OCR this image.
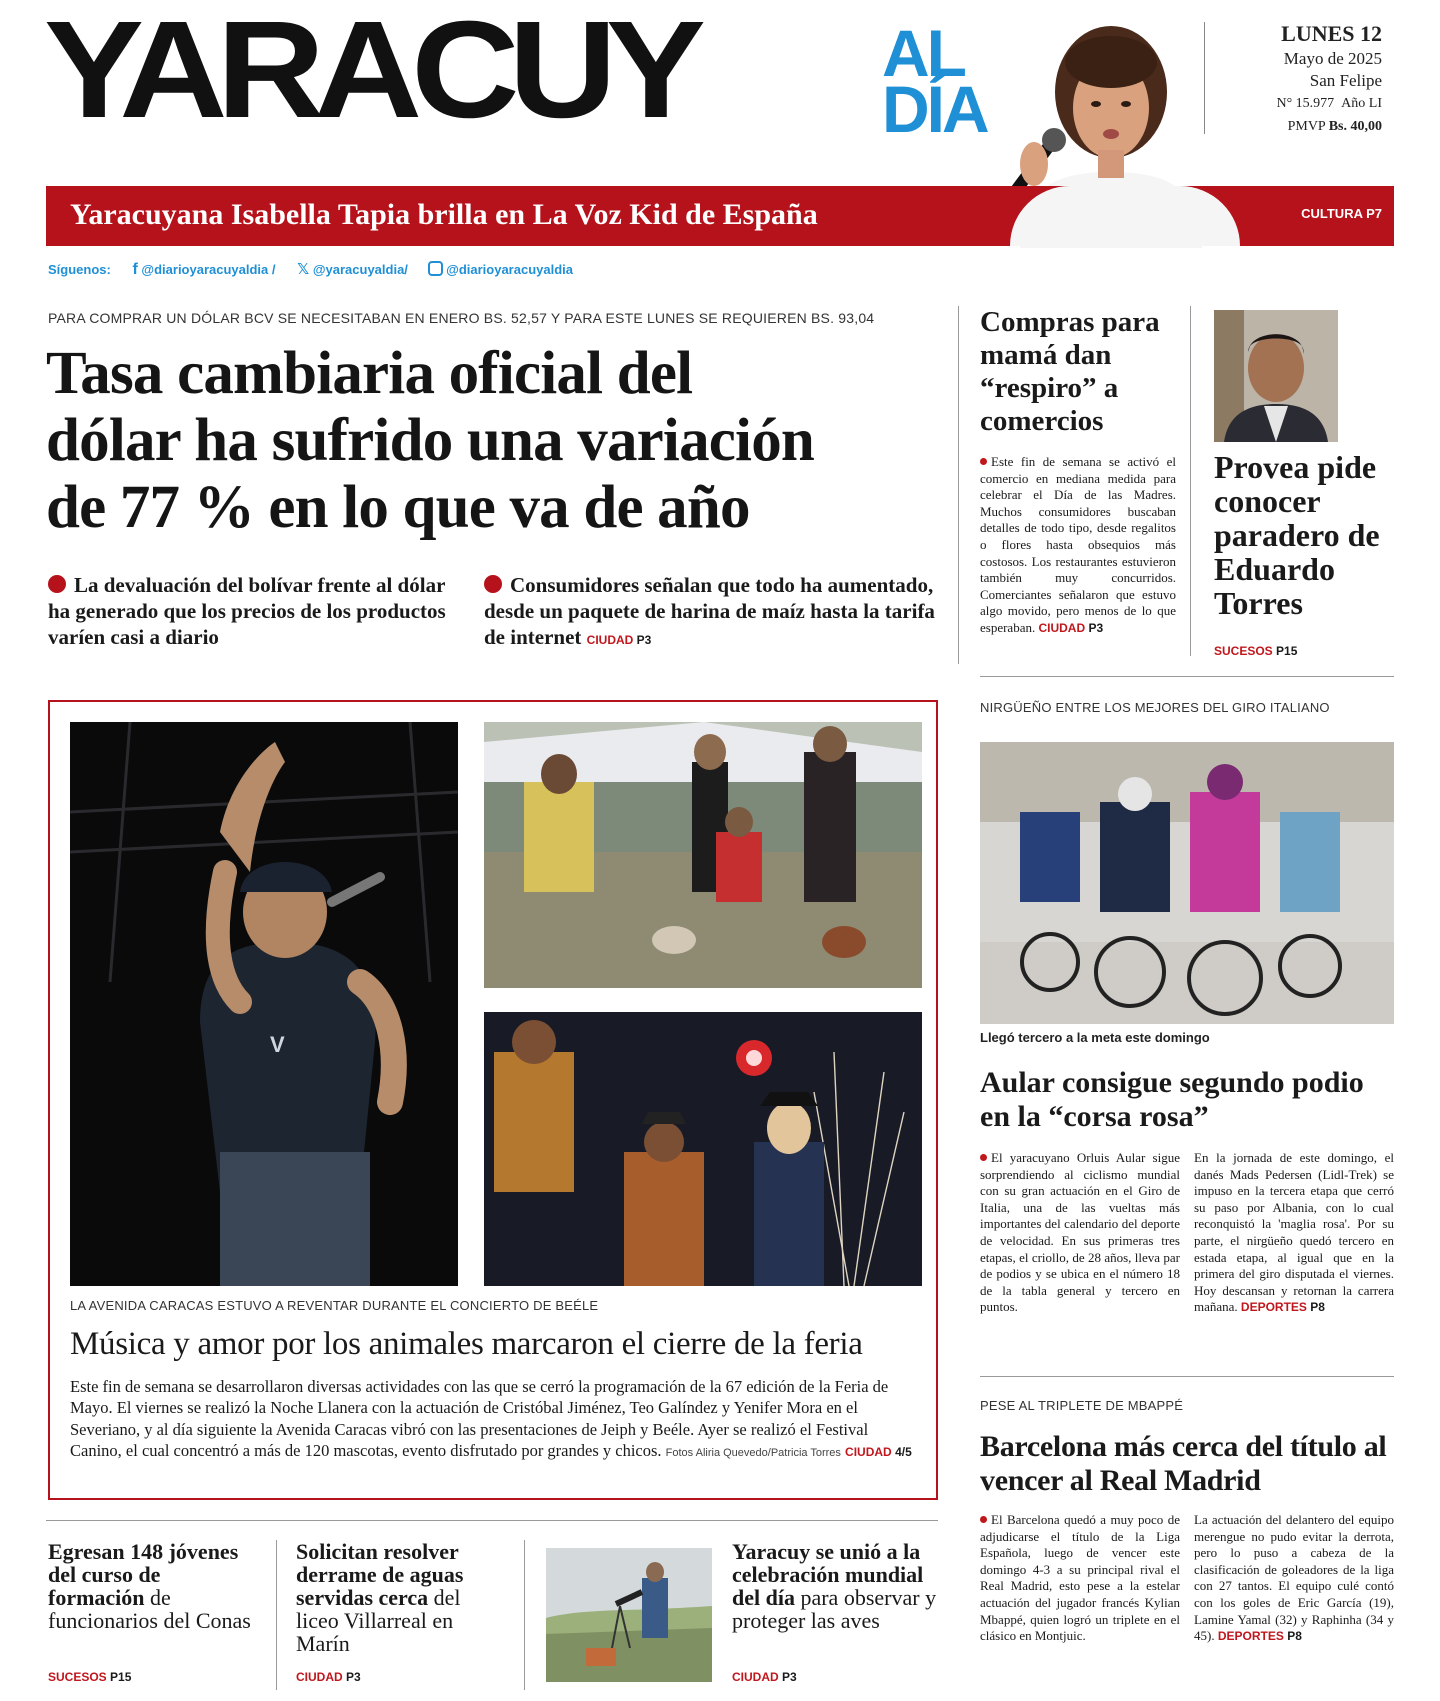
YARACUY	AL
DÍA
LUNES 12
Mayo de 2025
San Felipe
N° 15.977 Año LI
PMVP Bs. 40,00
Yaracuyana Isabella Tapia brilla en La Voz Kid de España	CULTURA P7
Síguenos: f @diarioyaracuyaldia / 𝕏 @yaracuyaldia/	@diarioyaracuyaldia
PARA COMPRAR UN DÓLAR BCV SE NECESITABAN EN ENERO BS. 52,57 Y PARA ESTE LUNES SE REQUIEREN BS. 93,04
Tasa cambiaria oficial del
dólar ha sufrido una variación
de 77 % en lo que va de año
La devaluación del bolívar frente al dólar ha generado que los precios de los productos varíen casi a diario
Consumidores señalan que todo ha aumentado, desde un paquete de harina de maíz hasta la tarifa de internet CIUDAD P3
V
LA AVENIDA CARACAS ESTUVO A REVENTAR DURANTE EL CONCIERTO DE BEÉLE
Música y amor por los animales marcaron el cierre de la feria
Este fin de semana se desarrollaron diversas actividades con las que se cerró la programación de la 67 edición de la Feria de Mayo. El viernes se realizó la Noche Llanera con la actuación de Cristóbal Jiménez, Teo Galíndez y Yenifer Mora en el Severiano, y al día siguiente la Avenida Caracas vibró con las presentaciones de Jeiph y Beéle. Ayer se realizó el Festival Canino, el cual concentró a más de 120 mascotas, evento disfrutado por grandes y chicos. Fotos Aliria Quevedo/Patricia Torres CIUDAD 4/5
Compras para mamá dan “respiro” a comercios
Este fin de semana se activó el comercio en mediana medida para celebrar el Día de las Madres. Muchos consumidores buscaban detalles de todo tipo, desde regalitos o flores hasta obsequios más costosos. Los restaurantes estuvieron también muy concurridos. Comerciantes señalaron que estuvo algo movido, pero menos de lo que esperaban. CIUDAD P3
Provea pide conocer paradero de Eduardo Torres
SUCESOS P15
NIRGÜEÑO ENTRE LOS MEJORES DEL GIRO ITALIANO
Llegó tercero a la meta este domingo
Aular consigue segundo podio en la “corsa rosa”
El yaracuyano Orluis Aular sigue sorprendiendo al ciclismo mundial con su gran actuación en el Giro de Italia, una de las vueltas más importantes del calendario del deporte de velocidad. En sus primeras tres etapas, el criollo, de 28 años, lleva par de podios y se ubica en el número 18 de la tabla general y tercero en puntos.
En la jornada de este domingo, el danés Mads Pedersen (Lidl-Trek) se impuso en la tercera etapa que cerró su paso por Albania, con lo cual reconquistó la 'maglia rosa'. Por su parte, el nirgüeño quedó tercero en estada etapa, al igual que en la primera del giro disputada el viernes. Hoy descansan y retornan la carrera mañana. DEPORTES P8
PESE AL TRIPLETE DE MBAPPÉ
Barcelona más cerca del título al vencer al Real Madrid
El Barcelona quedó a muy poco de adjudicarse el título de la Liga Española, luego de vencer este domingo 4-3 a su principal rival el Real Madrid, esto pese a la estelar actuación del jugador francés Kylian Mbappé, quien logró un triplete en el clásico en Montjuic.
La actuación del delantero del equipo merengue no pudo evitar la derrota, pero lo puso a cabeza de la clasificación de goleadores de la liga con 27 tantos. El equipo culé contó con los goles de Eric García (19), Lamine Yamal (32) y Raphinha (34 y 45). DEPORTES P8
Egresan 148 jóvenes del curso de formación de funcionarios del Conas
SUCESOS P15
Solicitan resolver derrame de aguas servidas cerca del liceo Villarreal en Marín
CIUDAD P3
Yaracuy se unió a la celebración mundial del día para observar y proteger las aves
CIUDAD P3
